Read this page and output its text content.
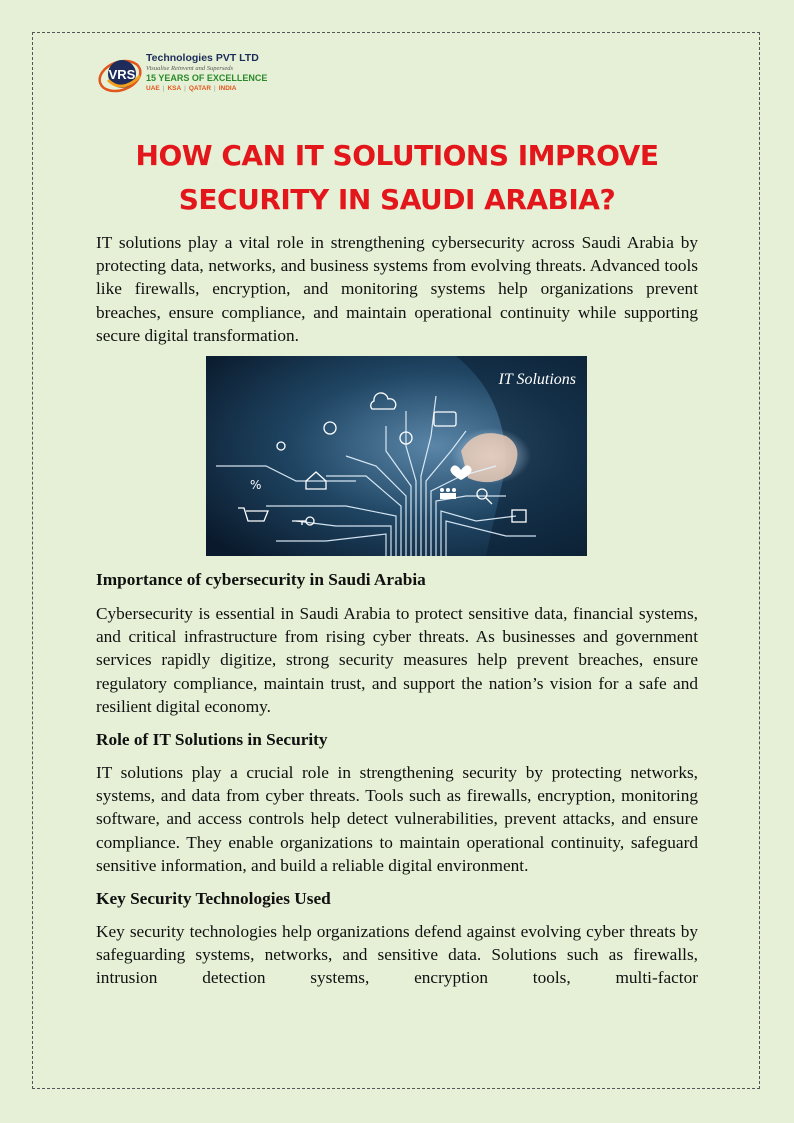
VRS
Technologies PVT LTD
Visualise Reinvent and Superseds
15 YEARS OF EXCELLENCE
UAE | KSA | QATAR | INDIA
HOW CAN IT SOLUTIONS IMPROVE
SECURITY IN SAUDI ARABIA?

IT solutions play a vital role in strengthening cybersecurity across Saudi Arabia by protecting data, networks, and business systems from evolving threats. Advanced tools like firewalls, encryption, and monitoring systems help organizations prevent breaches, ensure compliance, and maintain operational continuity while supporting secure digital transformation.

%
IT Solutions
Importance of cybersecurity in Saudi Arabia

Cybersecurity is essential in Saudi Arabia to protect sensitive data, financial systems, and critical infrastructure from rising cyber threats. As businesses and government services rapidly digitize, strong security measures help prevent breaches, ensure regulatory compliance, maintain trust, and support the nation’s vision for a safe and resilient digital economy.

Role of IT Solutions in Security

IT solutions play a crucial role in strengthening security by protecting networks, systems, and data from cyber threats. Tools such as firewalls, encryption, monitoring software, and access controls help detect vulnerabilities, prevent attacks, and ensure compliance. They enable organizations to maintain operational continuity, safeguard sensitive information, and build a reliable digital environment.

Key Security Technologies Used

Key security technologies help organizations defend against evolving cyber threats by safeguarding systems, networks, and sensitive data. Solutions such as firewalls, intrusion detection systems, encryption tools, multi-factor
